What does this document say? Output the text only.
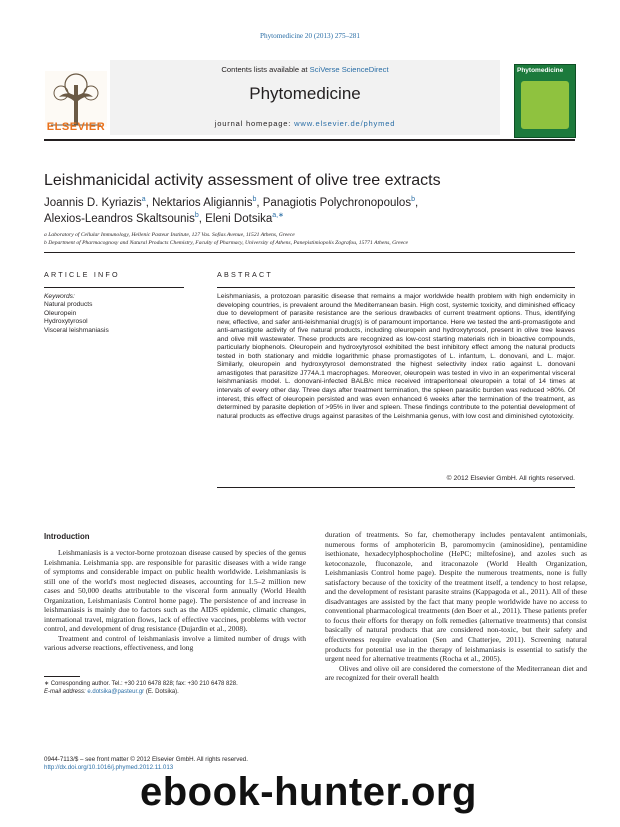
Phytomedicine 20 (2013) 275–281
Contents lists available at SciVerse ScienceDirect
Phytomedicine
journal homepage: www.elsevier.de/phymed
ELSEVIER
Phytomedicine
Leishmanicidal activity assessment of olive tree extracts
Joannis D. Kyriazis$^a$, Nektarios Aligiannis$^b$, Panagiotis Polychronopoulos$^b$,
Alexios-Leandros Skaltsounis$^b$, Eleni Dotsika$^{a,∗}$
a Laboratory of Cellular Immunology, Hellenic Pasteur Institute, 127 Vas. Sofias Avenue, 11521 Athens, Greece
b Department of Pharmacognosy and Natural Products Chemistry, Faculty of Pharmacy, University of Athens, Panepistimiopolis Zografou, 15771 Athens, Greece
ARTICLE INFO	ABSTRACT
Keywords:
Natural products
Oleuropein
Hydroxytyrosol
Visceral leishmaniasis
Leishmaniasis, a protozoan parasitic disease that remains a major worldwide health problem with high endemicity in developing countries, is prevalent around the Mediterranean basin. High cost, systemic toxicity, and diminished efficacy due to development of parasite resistance are the serious drawbacks of current treatment options. Thus, identifying new, effective, and safer anti-leishmanial drug(s) is of paramount importance. Here we tested the anti-promastigote and anti-amastigote activity of five natural products, including oleuropein and hydroxytyrosol, present in olive tree leaves and olive mill wastewater. These products are recognized as low-cost starting materials rich in bioactive compounds, particularly biophenols. Oleuropein and hydroxytyrosol exhibited the best inhibitory effect among the natural products tested in both stationary and middle logarithmic phase promastigotes of L. infantum, L. donovani, and L. major. Similarly, oleuropein and hydroxytyrosol demonstrated the highest selectivity index ratio against L. donovani amastigotes that parasitize J774A.1 macrophages. Moreover, oleuropein was tested in vivo in an experimental visceral leishmaniasis model. L. donovani-infected BALB/c mice received intraperitoneal oleuropein a total of 14 times at intervals of every other day. Three days after treatment termination, the spleen parasitic burden was reduced >80%. Of interest, this effect of oleuropein persisted and was even enhanced 6 weeks after the termination of the treatment, as determined by parasite depletion of >95% in liver and spleen. These findings contribute to the potential development of natural products as effective drugs against parasites of the Leishmania genus, with low cost and diminished cytotoxicity.
© 2012 Elsevier GmbH. All rights reserved.
Introduction

Leishmaniasis is a vector-borne protozoan disease caused by species of the genus Leishmania. Leishmania spp. are responsible for parasitic diseases with a wide range of symptoms and considerable impact on public health worldwide. Leishmaniasis is still one of the world's most neglected diseases, accounting for 1.5–2 million new cases and 50,000 deaths attributable to the visceral form annually (World Health Organization, Leishmaniasis Control home page). The persistence of and increase in leishmaniasis is mainly due to factors such as the AIDS epidemic, climatic changes, international travel, migration flows, lack of effective vaccines, problems with vector control, and development of drug resistance (Dujardin et al., 2008).

Treatment and control of leishmaniasis involve a limited number of drugs with various adverse reactions, effectiveness, and long

duration of treatments. So far, chemotherapy includes pentavalent antimonials, numerous forms of amphotericin B, paromomycin (aminosidine), pentamidine isethionate, hexadecylphosphocholine (HePC; miltefosine), and azoles such as ketoconazole, fluconazole, and itraconazole (World Health Organization, Leishmaniasis Control home page). Despite the numerous treatments, none is fully satisfactory because of the toxicity of the treatment itself, a tendency to host relapse, and the development of resistant parasite strains (Kappagoda et al., 2011). All of these disadvantages are assisted by the fact that many people worldwide have no access to conventional pharmacological treatments (den Boer et al., 2011). These patients prefer to focus their efforts for therapy on folk remedies (alternative treatments) that consist basically of natural products that are considered non-toxic, but their safety and effectiveness require evaluation (Sen and Chatterjee, 2011). Screening natural products for potential use in the therapy of leishmaniasis is essential to satisfy the urgent need for alternative treatments (Rocha et al., 2005).

Olives and olive oil are considered the cornerstone of the Mediterranean diet and are recognized for their overall health

∗ Corresponding author. Tel.: +30 210 6478 828; fax: +30 210 6478 828.
E-mail address: e.dotsika@pasteur.gr (E. Dotsika).
0944-7113/$ – see front matter © 2012 Elsevier GmbH. All rights reserved.
http://dx.doi.org/10.1016/j.phymed.2012.11.013
ebook-hunter.org
